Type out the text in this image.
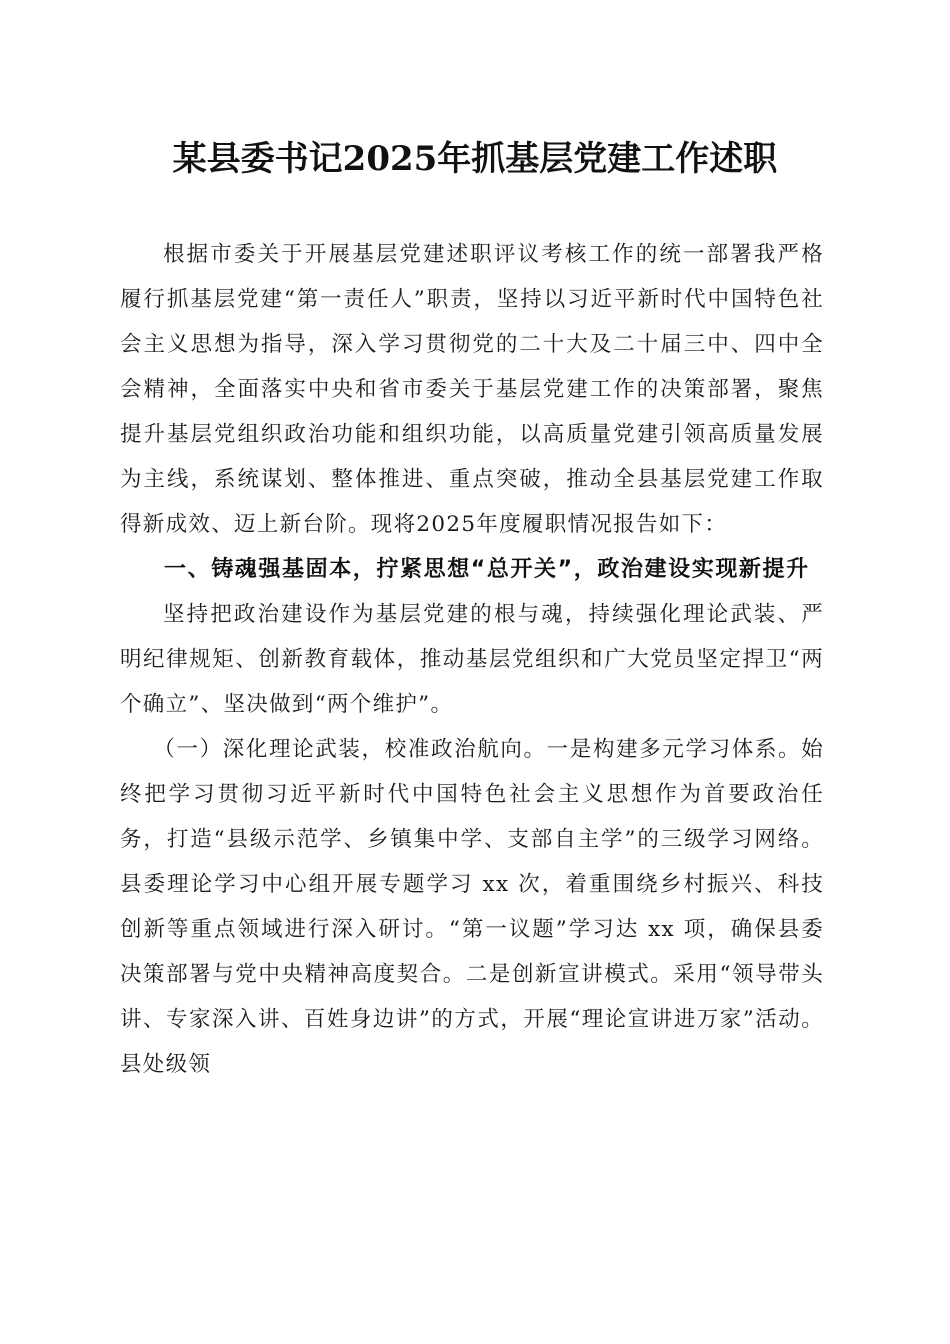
某县委书记2025年抓基层党建工作述职

根据市委关于开展基层党建述职评议考核工作的统一部署我严格履行抓基层党建“第一责任人”职责，坚持以习近平新时代中国特色社会主义思想为指导，深入学习贯彻党的二十大及二十届三中、四中全会精神，全面落实中央和省市委关于基层党建工作的决策部署，聚焦提升基层党组织政治功能和组织功能，以高质量党建引领高质量发展为主线，系统谋划、整体推进、重点突破，推动全县基层党建工作取得新成效、迈上新台阶。现将2025年度履职情况报告如下：

一、铸魂强基固本，拧紧思想“总开关”，政治建设实现新提升

坚持把政治建设作为基层党建的根与魂，持续强化理论武装、严明纪律规矩、创新教育载体，推动基层党组织和广大党员坚定捍卫“两个确立”、坚决做到“两个维护”。

（一）深化理论武装，校准政治航向。一是构建多元学习体系。始终把学习贯彻习近平新时代中国特色社会主义思想作为首要政治任务，打造“县级示范学、乡镇集中学、支部自主学”的三级学习网络。县委理论学习中心组开展专题学习 xx 次，着重围绕乡村振兴、科技创新等重点领域进行深入研讨。“第一议题”学习达 xx 项，确保县委决策部署与党中央精神高度契合。二是创新宣讲模式。采用“领导带头讲、专家深入讲、百姓身边讲”的方式，开展“理论宣讲进万家”活动。县处级领
